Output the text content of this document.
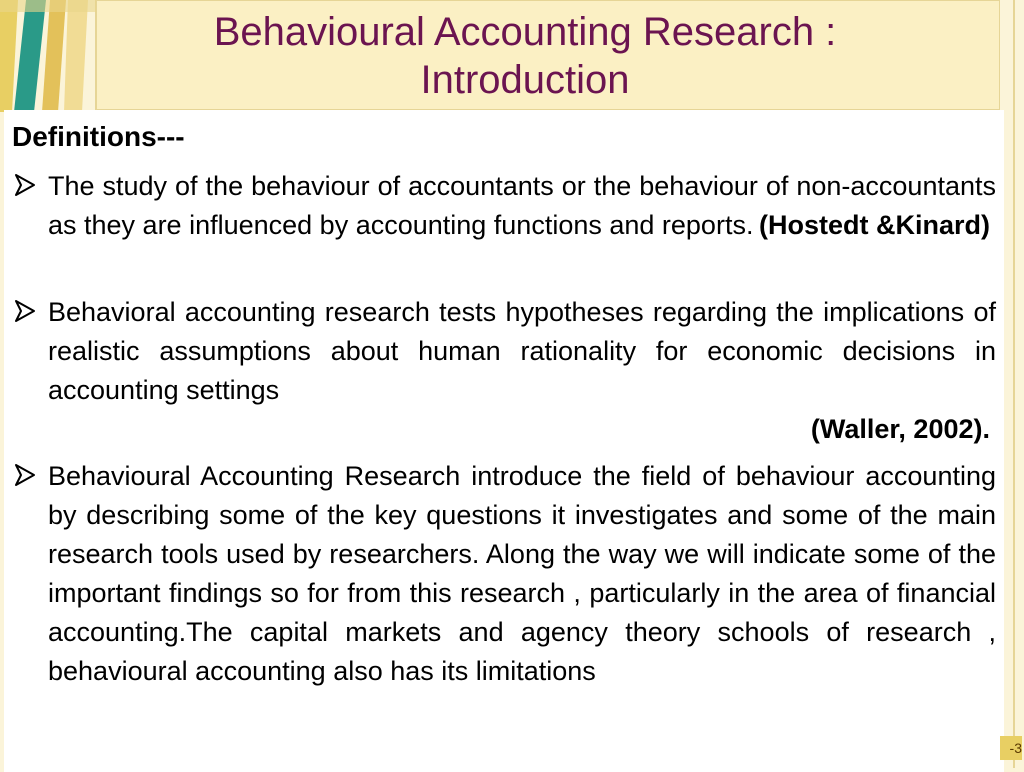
Behavioural Accounting Research :
Introduction

Definitions---

The study of the behaviour of accountants or the behaviour of non-accountants as they are influenced by accounting functions and reports. (Hostedt &Kinard)

Behavioral accounting research tests hypotheses regarding the implications of realistic assumptions about human rationality for economic decisions in accounting settings
(Waller, 2002).

Behavioural Accounting Research introduce the field of behaviour accounting by describing some of the key questions it investigates and some of the main research tools used by researchers. Along the way we will indicate some of the important findings so for from this research , particularly in the area of financial accounting.The capital markets and agency theory schools of research , behavioural accounting also has its limitations

-3
